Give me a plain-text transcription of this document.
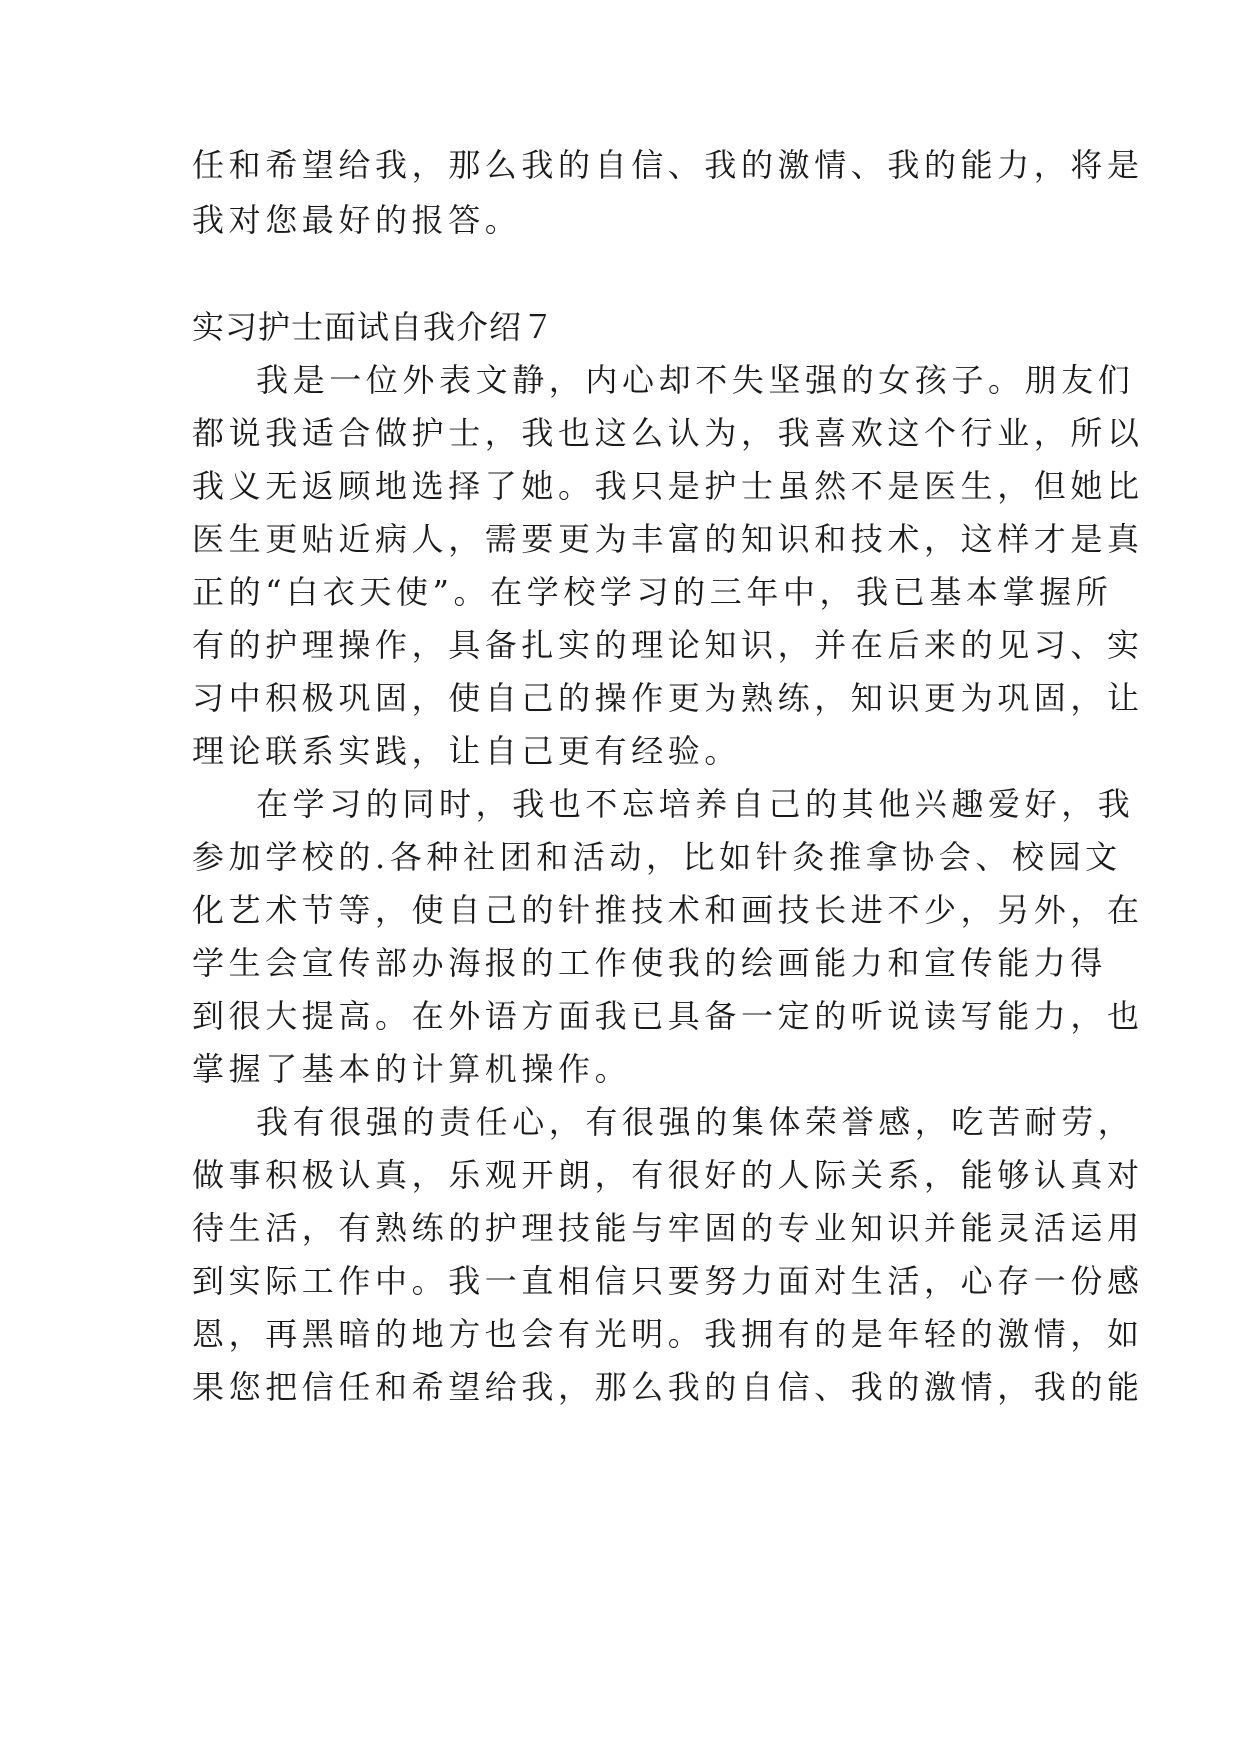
任和希望给我，那么我的自信、我的激情、我的能力，将是

我对您最好的报答。

实习护士面试自我介绍７

我是一位外表文静，内心却不失坚强的女孩子。朋友们

都说我适合做护士，我也这么认为，我喜欢这个行业，所以

我义无返顾地选择了她。我只是护士虽然不是医生，但她比

医生更贴近病人，需要更为丰富的知识和技术，这样才是真

正的“白衣天使”。在学校学习的三年中，我已基本掌握所

有的护理操作，具备扎实的理论知识，并在后来的见习、实

习中积极巩固，使自己的操作更为熟练，知识更为巩固，让

理论联系实践，让自己更有经验。

在学习的同时，我也不忘培养自己的其他兴趣爱好，我

参加学校的.各种社团和活动，比如针灸推拿协会、校园文

化艺术节等，使自己的针推技术和画技长进不少，另外，在

学生会宣传部办海报的工作使我的绘画能力和宣传能力得

到很大提高。在外语方面我已具备一定的听说读写能力，也

掌握了基本的计算机操作。

我有很强的责任心，有很强的集体荣誉感，吃苦耐劳，

做事积极认真，乐观开朗，有很好的人际关系，能够认真对

待生活，有熟练的护理技能与牢固的专业知识并能灵活运用

到实际工作中。我一直相信只要努力面对生活，心存一份感

恩，再黑暗的地方也会有光明。我拥有的是年轻的激情，如

果您把信任和希望给我，那么我的自信、我的激情，我的能
